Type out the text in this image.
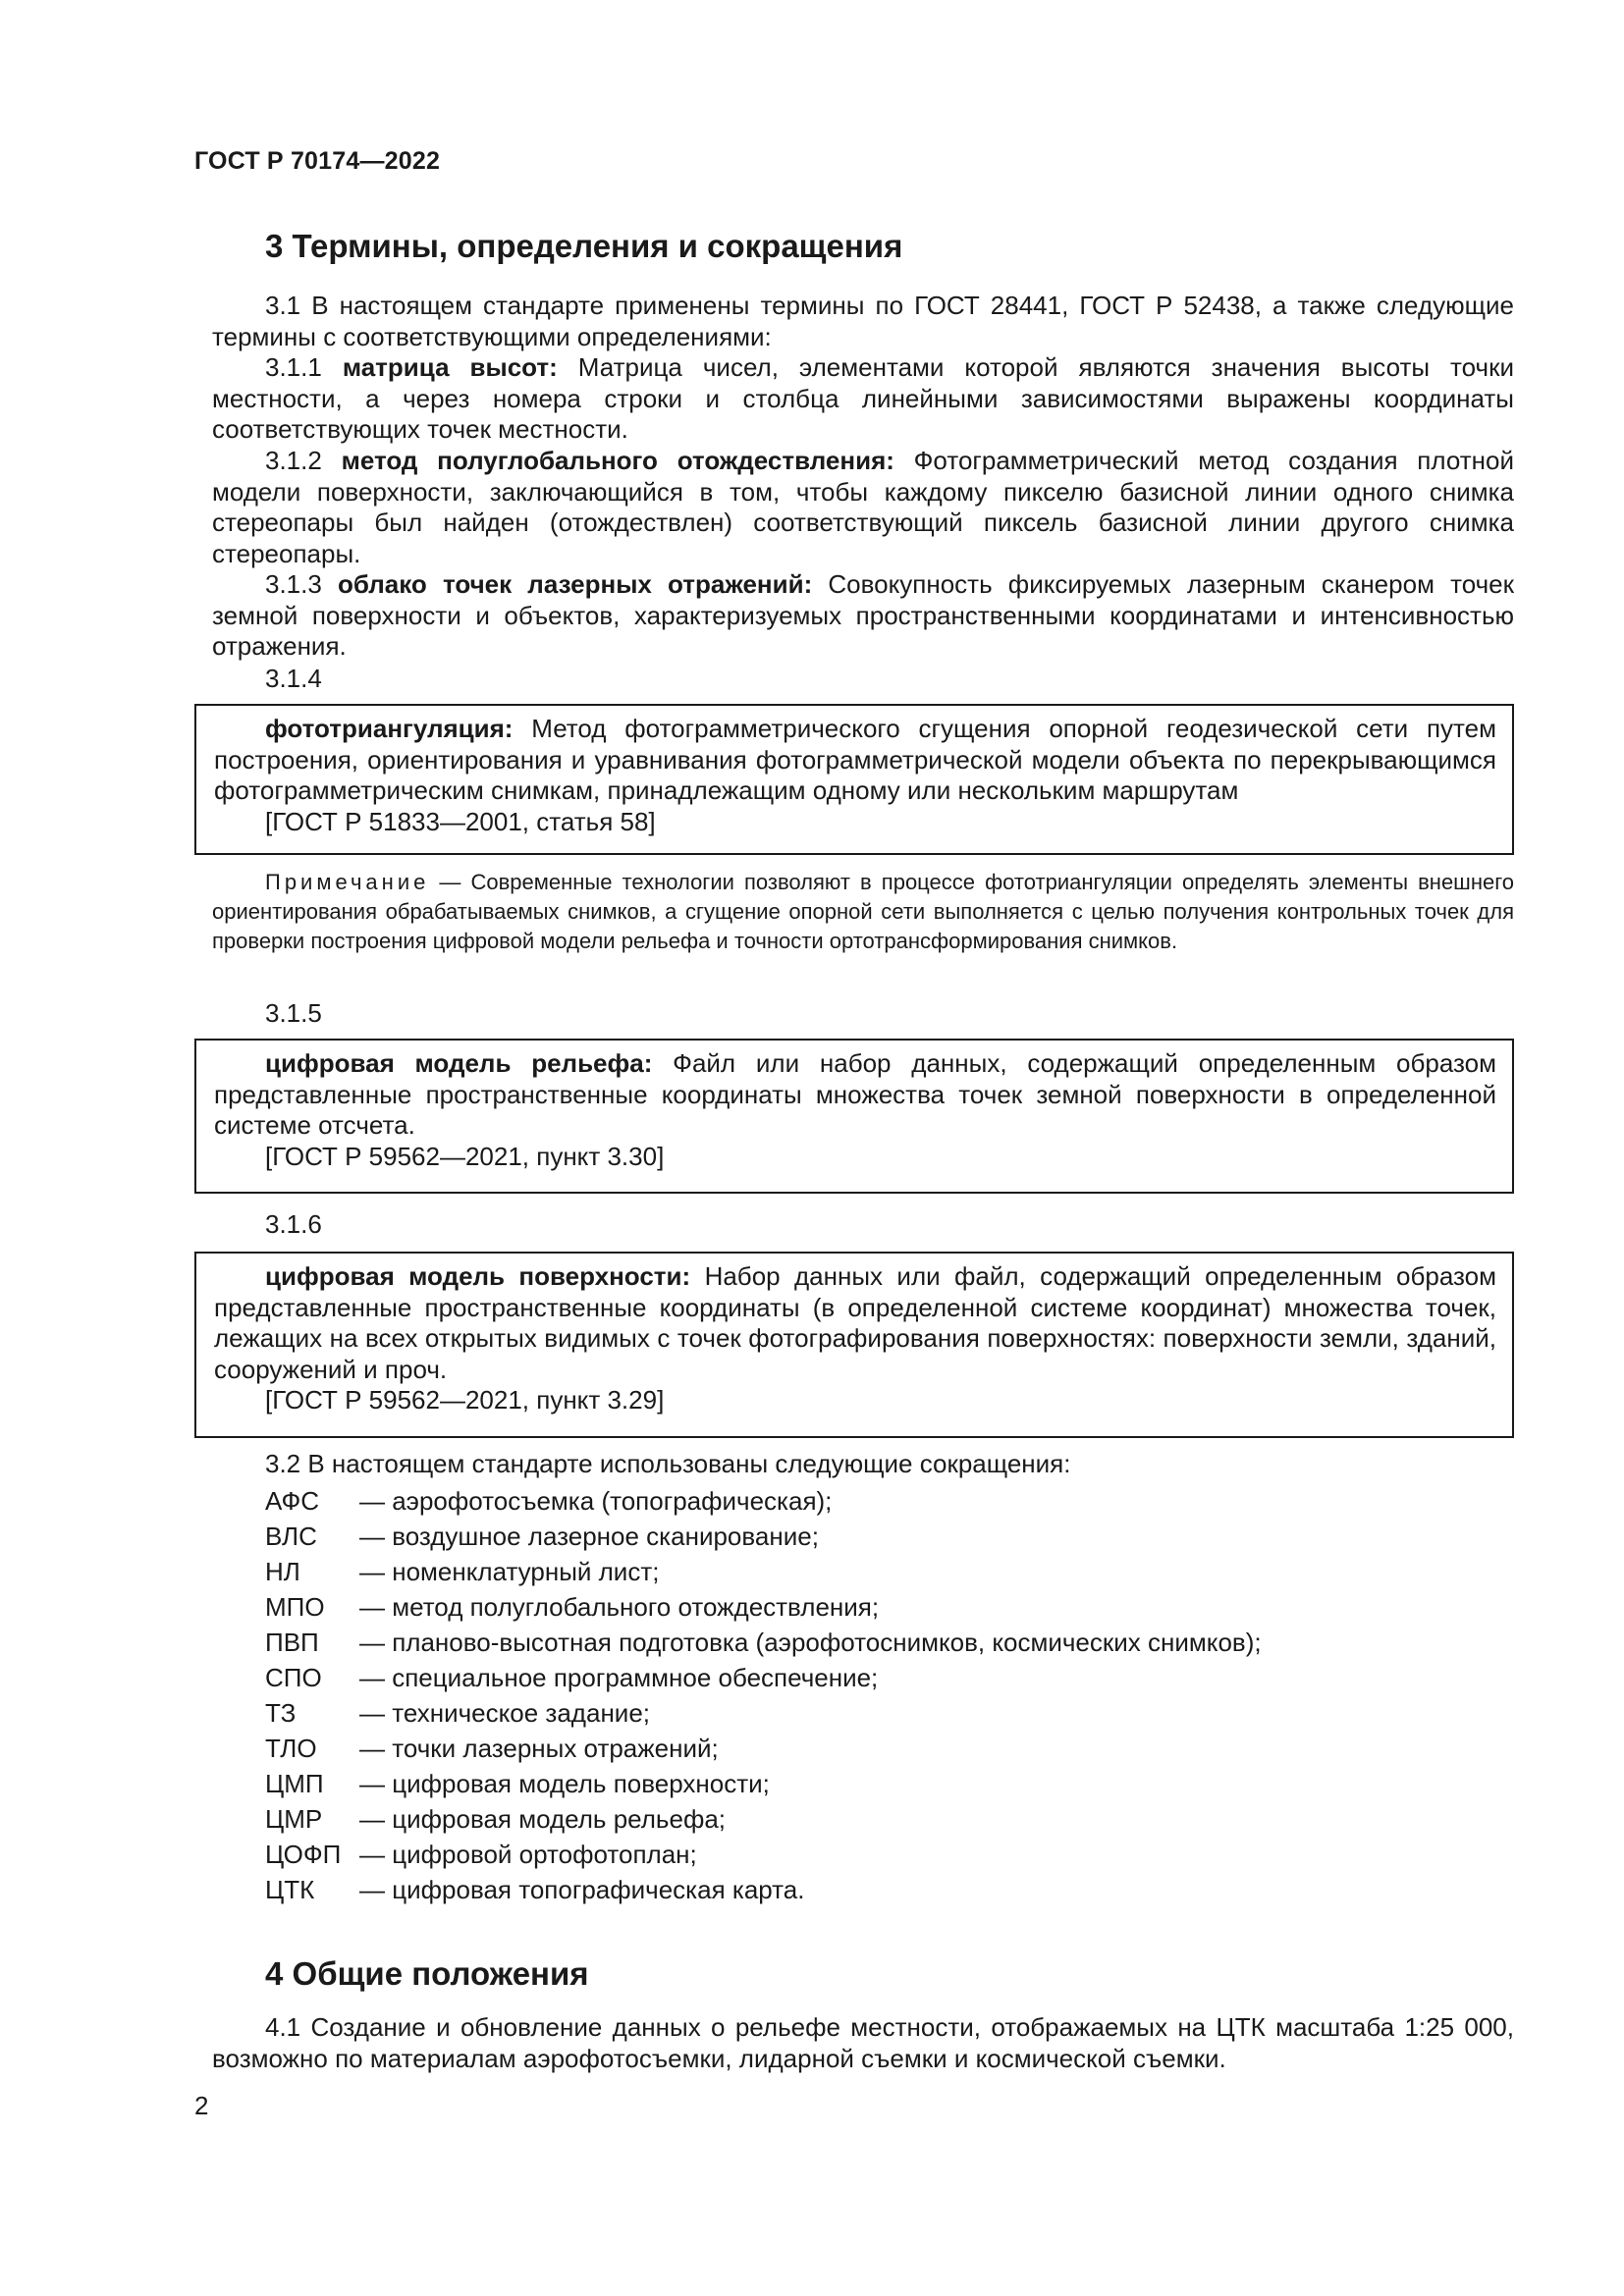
ГОСТ Р 70174—2022
3 Термины, определения и сокращения
3.1 В настоящем стандарте применены термины по ГОСТ 28441, ГОСТ Р 52438, а также следующие термины с соответствующими определениями:
3.1.1 матрица высот: Матрица чисел, элементами которой являются значения высоты точки местности, а через номера строки и столбца линейными зависимостями выражены координаты соответствующих точек местности.
3.1.2 метод полуглобального отождествления: Фотограмметрический метод создания плотной модели поверхности, заключающийся в том, чтобы каждому пикселю базисной линии одного снимка стереопары был найден (отождествлен) соответствующий пиксель базисной линии другого снимка стереопары.
3.1.3 облако точек лазерных отражений: Совокупность фиксируемых лазерным сканером точек земной поверхности и объектов, характеризуемых пространственными координатами и интенсивностью отражения.
3.1.4

фототриангуляция: Метод фотограмметрического сгущения опорной геодезической сети путем построения, ориентирования и уравнивания фотограмметрической модели объекта по перекрывающимся фотограмметрическим снимкам, принадлежащим одному или нескольким маршрутам

[ГОСТ Р 51833—2001, статья 58]

Примечание — Современные технологии позволяют в процессе фототриангуляции определять элементы внешнего ориентирования обрабатываемых снимков, а сгущение опорной сети выполняется с целью получения контрольных точек для проверки построения цифровой модели рельефа и точности ортотрансформирования снимков.
3.1.5

цифровая модель рельефа: Файл или набор данных, содержащий определенным образом представленные пространственные координаты множества точек земной поверхности в определенной системе отсчета.

[ГОСТ Р 59562—2021, пункт 3.30]

3.1.6

цифровая модель поверхности: Набор данных или файл, содержащий определенным образом представленные пространственные координаты (в определенной системе координат) множества точек, лежащих на всех открытых видимых с точек фотографирования поверхностях: поверхности земли, зданий, сооружений и проч.

[ГОСТ Р 59562—2021, пункт 3.29]

3.2 В настоящем стандарте использованы следующие сокращения:
АФС	— аэрофотосъемка (топографическая);
ВЛС	— воздушное лазерное сканирование;
НЛ	— номенклатурный лист;
МПО	— метод полуглобального отождествления;
ПВП	— планово-высотная подготовка (аэрофотоснимков, космических снимков);
СПО	— специальное программное обеспечение;
ТЗ	— техническое задание;
ТЛО	— точки лазерных отражений;
ЦМП	— цифровая модель поверхности;
ЦМР	— цифровая модель рельефа;
ЦОФП — цифровой ортофотоплан;
ЦТК	— цифровая топографическая карта.
4 Общие положения
4.1 Создание и обновление данных о рельефе местности, отображаемых на ЦТК масштаба 1:25 000, возможно по материалам аэрофотосъемки, лидарной съемки и космической съемки.
2
